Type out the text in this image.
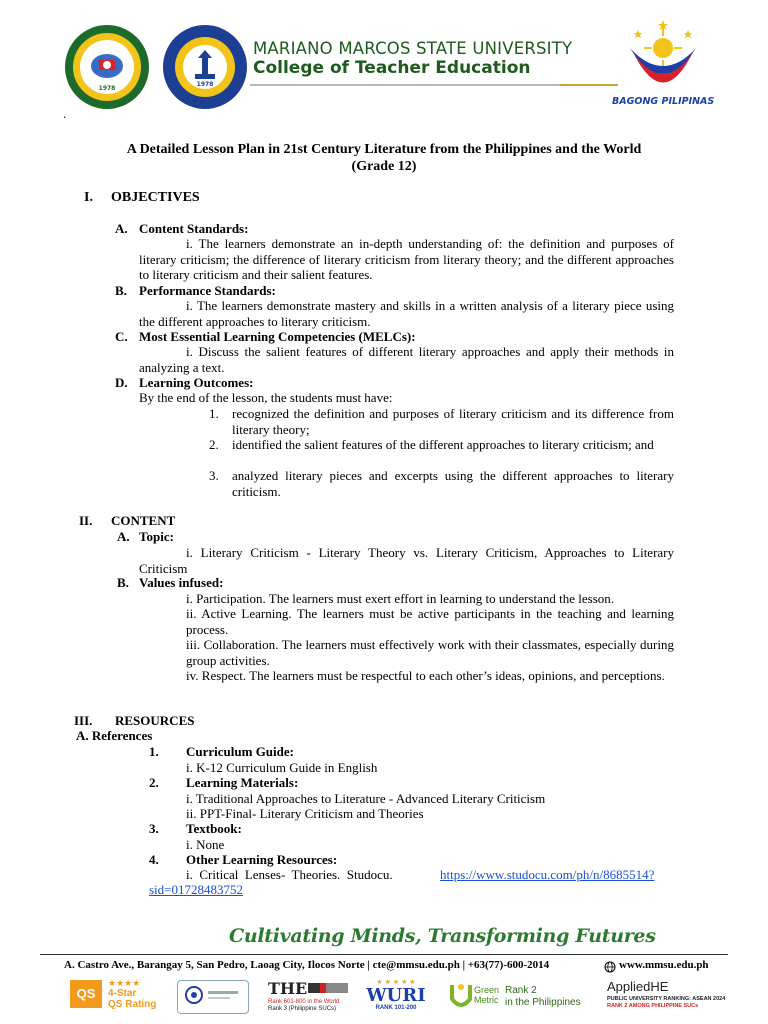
1978
1978
MARIANO MARCOS STATE UNIVERSITY
College of Teacher Education
BAGONG PILIPINAS
.
A Detailed Lesson Plan in 21st Century Literature from the Philippines and the World
(Grade 12)
I. OBJECTIVES
A. Content Standards:
i. The learners demonstrate an in-depth understanding of: the definition and purposes of literary criticism; the difference of literary criticism from literary theory; and the different approaches to literary criticism and their salient features.
B. Performance Standards:
i. The learners demonstrate mastery and skills in a written analysis of a literary piece using the different approaches to literary criticism.
C. Most Essential Learning Competencies (MELCs):
i. Discuss the salient features of different literary approaches and apply their methods in analyzing a text.
D. Learning Outcomes:
By the end of the lesson, the students must have:
1. recognized the definition and purposes of literary criticism and its difference from literary theory;
2. identified the salient features of the different approaches to literary criticism; and
3. analyzed literary pieces and excerpts using the different approaches to literary criticism.
II. CONTENT
A. Topic:
i. Literary Criticism - Literary Theory vs. Literary Criticism, Approaches to Literary Criticism
B. Values infused:
i. Participation. The learners must exert effort in learning to understand the lesson.
ii. Active Learning. The learners must be active participants in the teaching and learning process.
iii. Collaboration. The learners must effectively work with their classmates, especially during group activities.
iv. Respect. The learners must be respectful to each other’s ideas, opinions, and perceptions.
III. RESOURCES
A. References
1. Curriculum Guide:
i. K-12 Curriculum Guide in English
2. Learning Materials:
i. Traditional Approaches to Literature - Advanced Literary Criticism
ii. PPT-Final- Literary Criticism and Theories
3. Textbook:
i. None
4. Other Learning Resources:
i.  Critical  Lenses-  Theories.  Studocu.	https://www.studocu.com/ph/n/8685514?
sid=01728483752
Cultivating Minds, Transforming Futures
A. Castro Ave., Barangay 5, San Pedro, Laoag City, Ilocos Norte | cte@mmsu.edu.ph | +63(77)-600-2014	www.mmsu.edu.ph
QS
★★★★
4-Star
QS Rating
THE
Rank 601-800 in the World
Rank 3 (Philippine SUCs)
★ ★ ★ ★ ★
WURI
RANK 101-200
Green
Metric
Rank 2
in the Philippines
AppliedHE
PUBLIC UNIVERSITY RANKING: ASEAN 2024
RANK 2 AMONG PHILIPPINE SUCs
